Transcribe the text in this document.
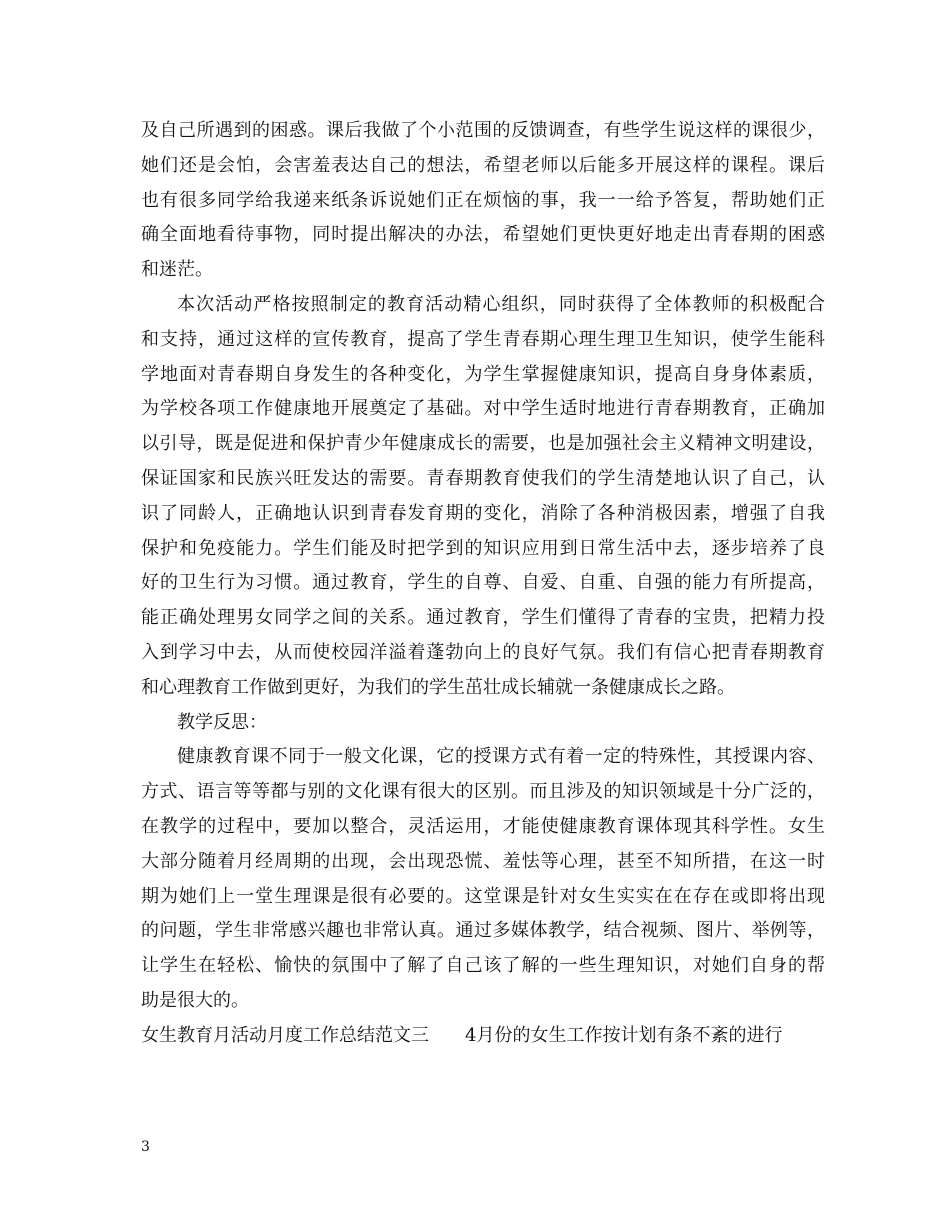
及自己所遇到的困惑。课后我做了个小范围的反馈调查，有些学生说这样的课很少，
她们还是会怕，会害羞表达自己的想法，希望老师以后能多开展这样的课程。课后
也有很多同学给我递来纸条诉说她们正在烦恼的事，我一一给予答复，帮助她们正
确全面地看待事物，同时提出解决的办法，希望她们更快更好地走出青春期的困惑
和迷茫。
本次活动严格按照制定的教育活动精心组织，同时获得了全体教师的积极配合
和支持，通过这样的宣传教育，提高了学生青春期心理生理卫生知识，使学生能科
学地面对青春期自身发生的各种变化，为学生掌握健康知识，提高自身身体素质，
为学校各项工作健康地开展奠定了基础。对中学生适时地进行青春期教育，正确加
以引导，既是促进和保护青少年健康成长的需要，也是加强社会主义精神文明建设，
保证国家和民族兴旺发达的需要。青春期教育使我们的学生清楚地认识了自己，认
识了同龄人，正确地认识到青春发育期的变化，消除了各种消极因素，增强了自我
保护和免疫能力。学生们能及时把学到的知识应用到日常生活中去，逐步培养了良
好的卫生行为习惯。通过教育，学生的自尊、自爱、自重、自强的能力有所提高，
能正确处理男女同学之间的关系。通过教育，学生们懂得了青春的宝贵，把精力投
入到学习中去，从而使校园洋溢着蓬勃向上的良好气氛。我们有信心把青春期教育
和心理教育工作做到更好，为我们的学生茁壮成长辅就一条健康成长之路。
教学反思：
健康教育课不同于一般文化课，它的授课方式有着一定的特殊性，其授课内容、
方式、语言等等都与别的文化课有很大的区别。而且涉及的知识领域是十分广泛的，
在教学的过程中，要加以整合，灵活运用，才能使健康教育课体现其科学性。女生
大部分随着月经周期的出现，会出现恐慌、羞怯等心理，甚至不知所措，在这一时
期为她们上一堂生理课是很有必要的。这堂课是针对女生实实在在存在或即将出现
的问题，学生非常感兴趣也非常认真。通过多媒体教学，结合视频、图片、举例等，
让学生在轻松、愉快的氛围中了解了自己该了解的一些生理知识，对她们自身的帮
助是很大的。
女生教育月活动月度工作总结范文三　　4月份的女生工作按计划有条不紊的进行
3
